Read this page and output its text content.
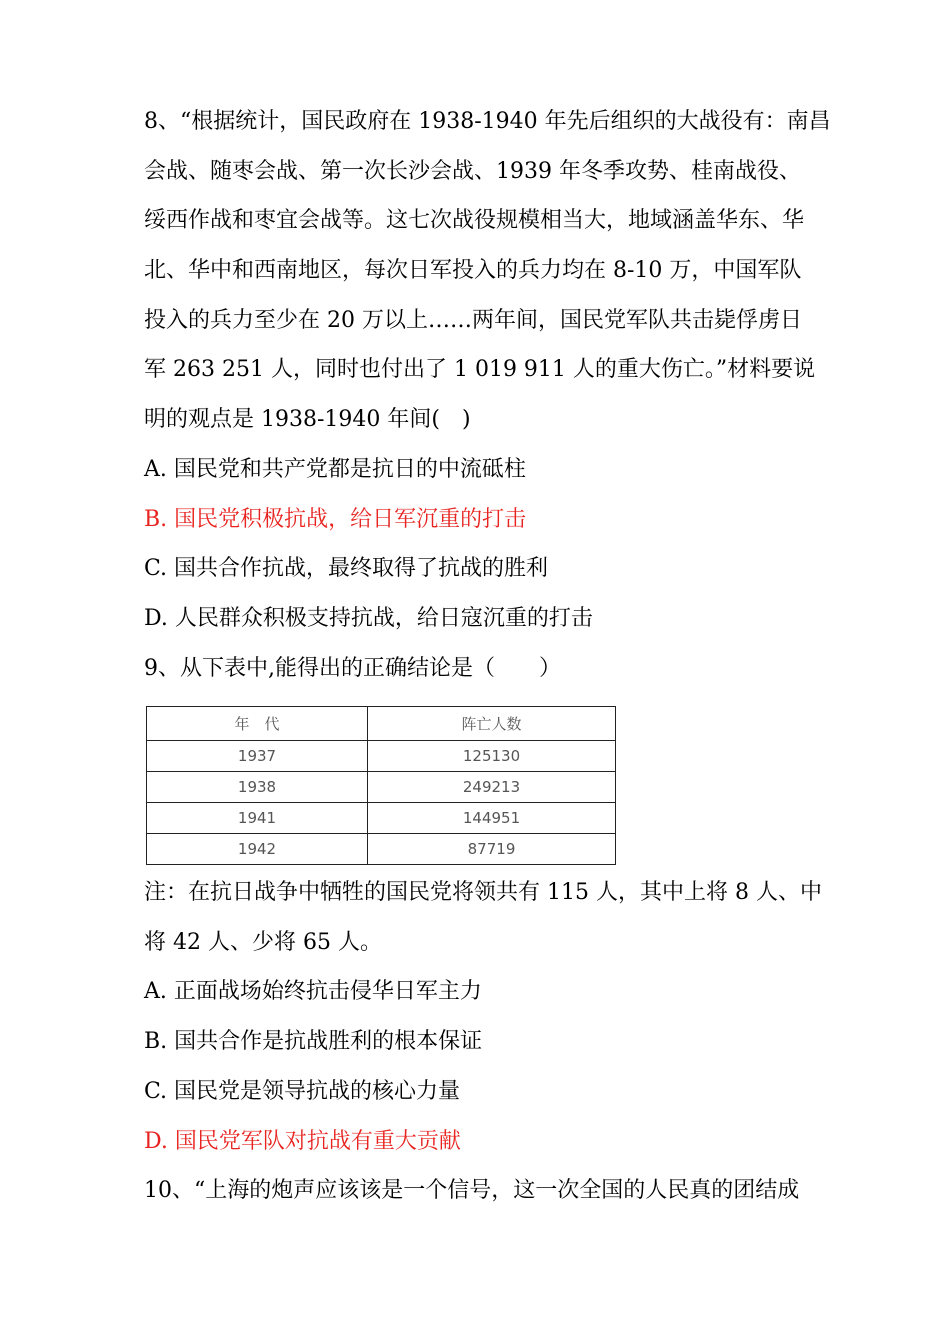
8、“根据统计，国民政府在 1938-1940 年先后组织的大战役有：南昌
会战、随枣会战、第一次长沙会战、1939 年冬季攻势、桂南战役、
绥西作战和枣宜会战等。这七次战役规模相当大，地域涵盖华东、华
北、华中和西南地区，每次日军投入的兵力均在 8-10 万，中国军队
投入的兵力至少在 20 万以上……两年间，国民党军队共击毙俘虏日
军 263 251 人，同时也付出了 1 019 911 人的重大伤亡。”材料要说
明的观点是 1938-1940 年间(　)
A. 国民党和共产党都是抗日的中流砥柱
B. 国民党积极抗战，给日军沉重的打击
C. 国共合作抗战，最终取得了抗战的胜利
D. 人民群众积极支持抗战，给日寇沉重的打击
9、从下表中,能得出的正确结论是（　　）
年　代	阵亡人数
1937	125130
1938	249213
1941	144951
1942	87719
注：在抗日战争中牺牲的国民党将领共有 115 人，其中上将 8 人、中
将 42 人、少将 65 人。
A. 正面战场始终抗击侵华日军主力
B. 国共合作是抗战胜利的根本保证
C. 国民党是领导抗战的核心力量
D. 国民党军队对抗战有重大贡献
10、“上海的炮声应该该是一个信号，这一次全国的人民真的团结成
